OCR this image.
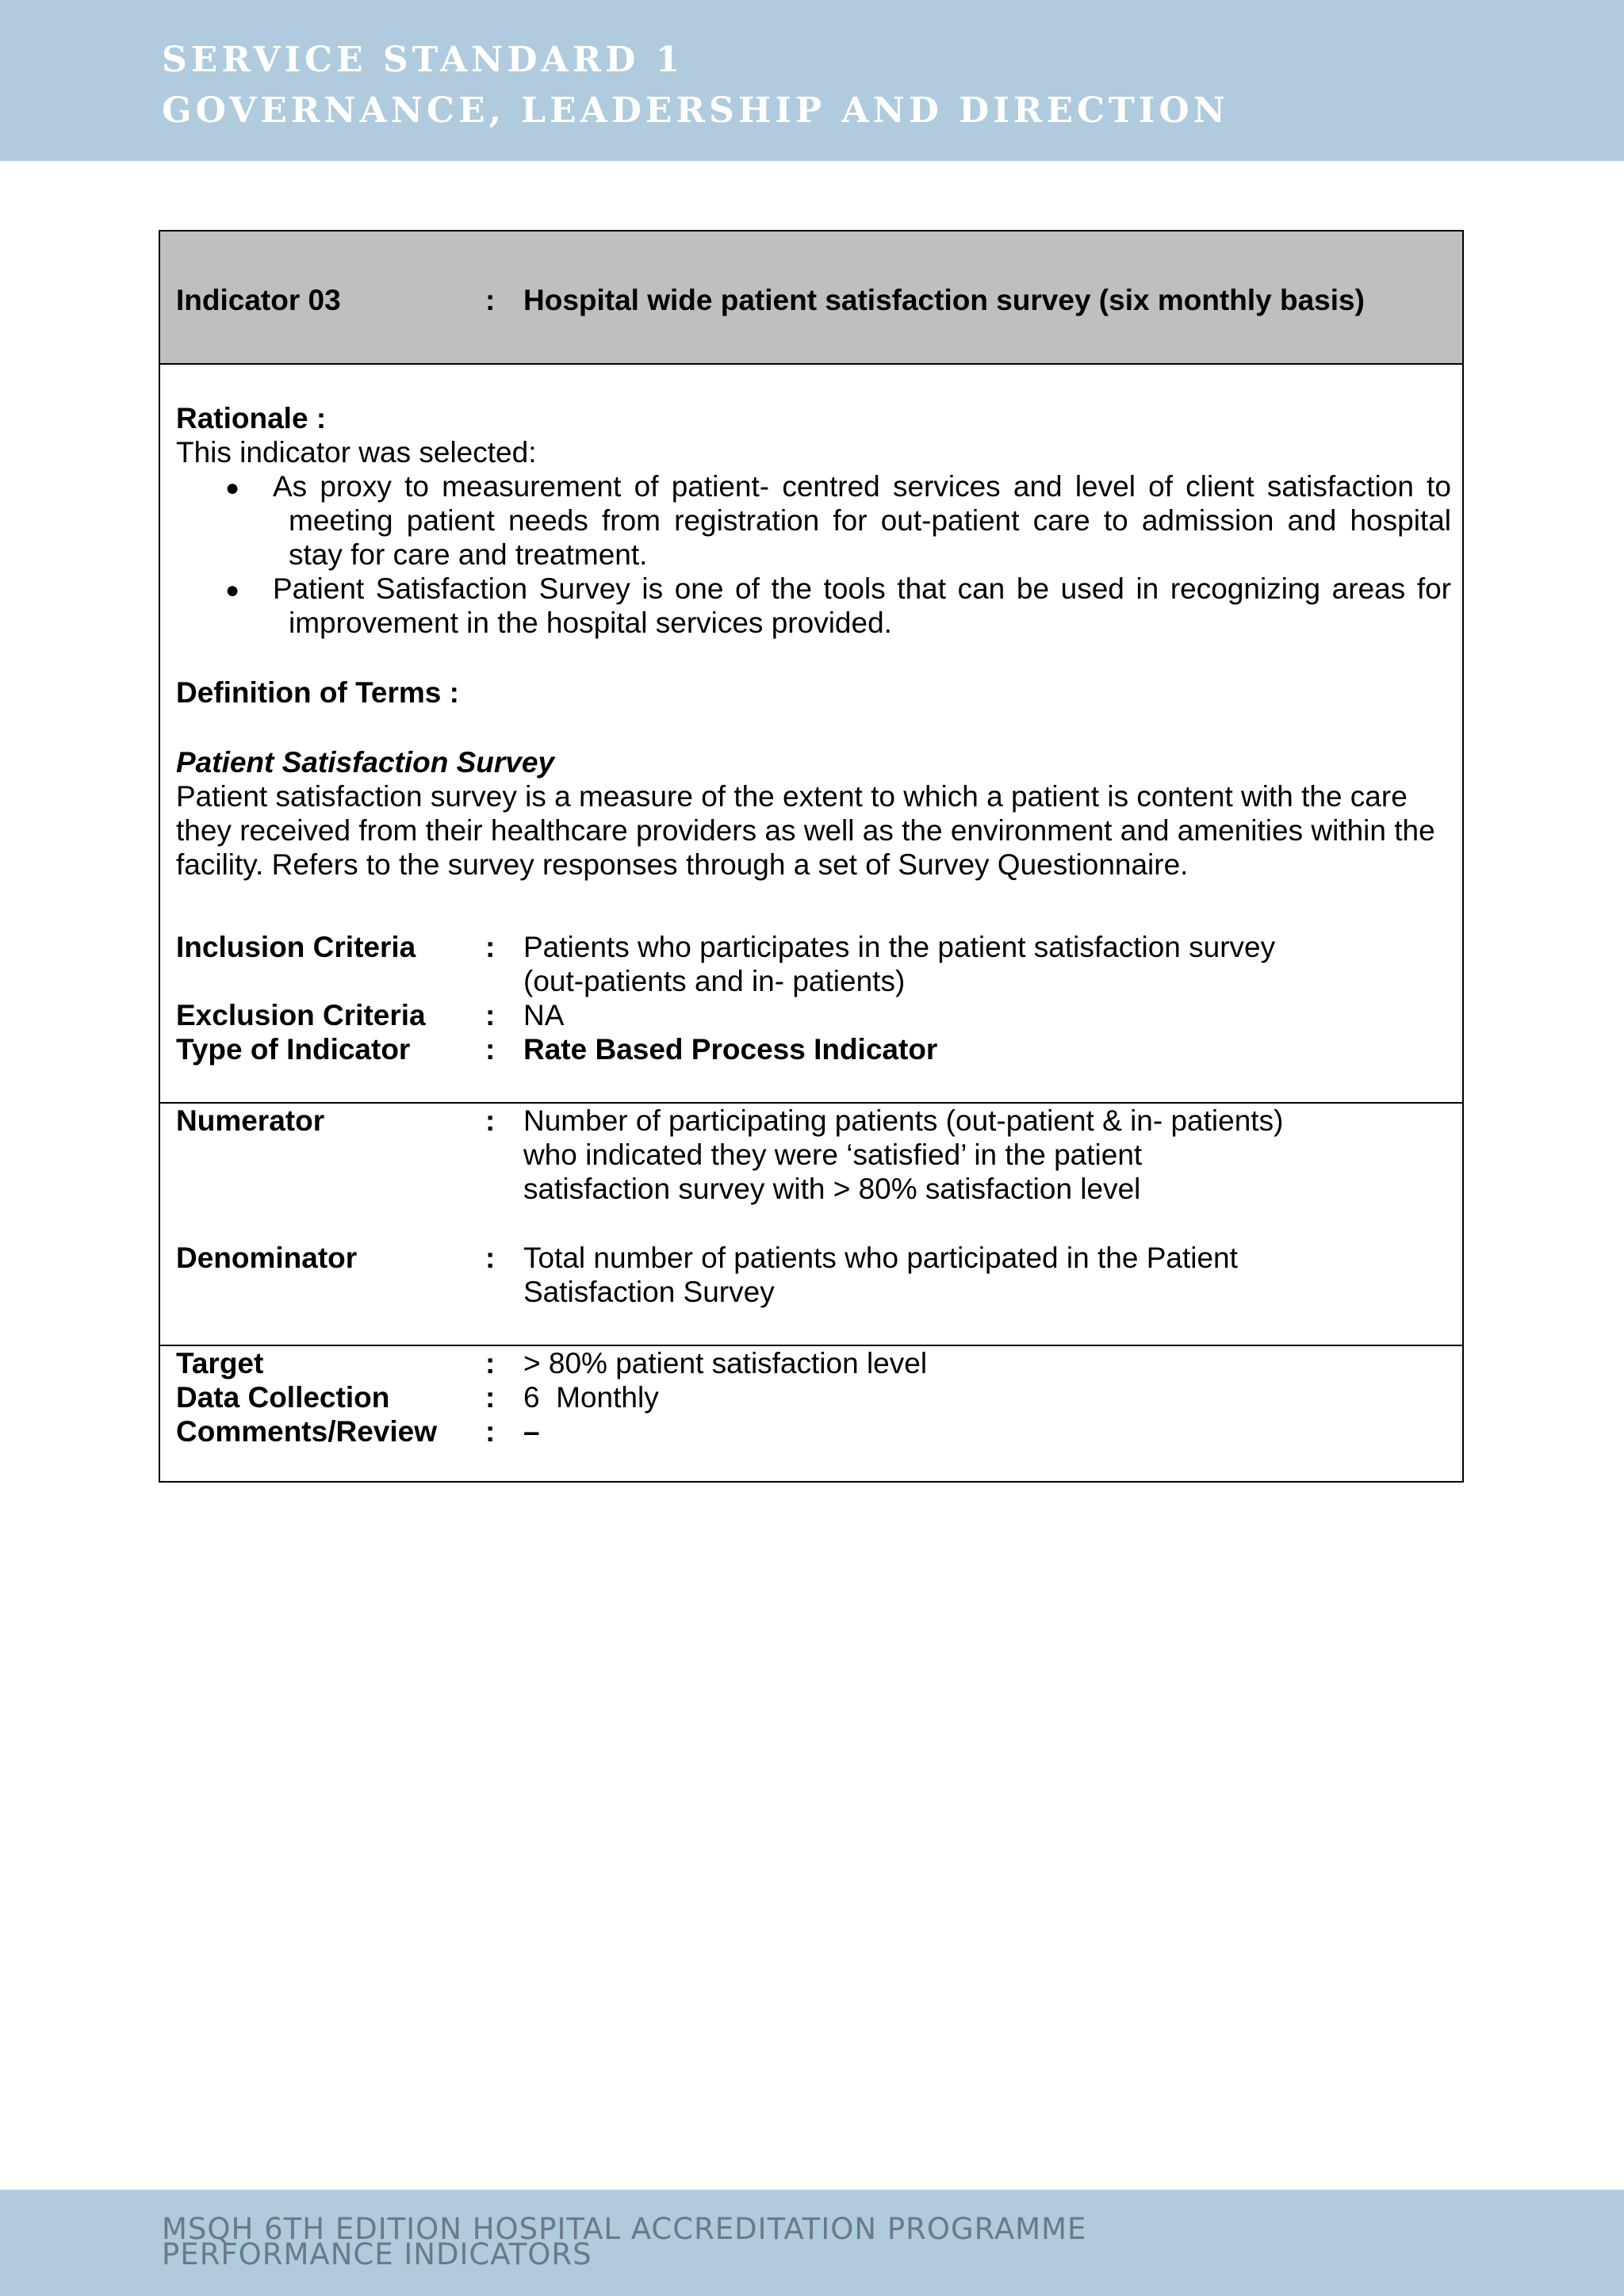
SERVICE STANDARD 1
GOVERNANCE, LEADERSHIP AND DIRECTION
Indicator 03	: Hospital wide patient satisfaction survey (six monthly basis)
Rationale :
This indicator was selected:
● As proxy to measurement of patient- centred services and level of client satisfaction to meeting patient needs from registration for out-patient care to admission and hospital stay for care and treatment.
● Patient Satisfaction Survey is one of the tools that can be used in recognizing areas for improvement in the hospital services provided.
Definition of Terms :
Patient Satisfaction Survey
Patient satisfaction survey is a measure of the extent to which a patient is content with the care they received from their healthcare providers as well as the environment and amenities within the facility. Refers to the survey responses through a set of Survey Questionnaire.
Inclusion Criteria : Patients who participates in the patient satisfaction survey
(out-patients and in- patients)
Exclusion Criteria : NA
Type of Indicator	: Rate Based Process Indicator
Numerator	: Number of participating patients (out-patient & in- patients)
who indicated they were ‘satisfied’ in the patient
satisfaction survey with > 80% satisfaction level
Denominator	: Total number of patients who participated in the Patient
Satisfaction Survey
Target	: > 80% patient satisfaction level
Data Collection	: 6  Monthly
Comments/Review : –
MSQH 6TH EDITION HOSPITAL ACCREDITATION PROGRAMME
PERFORMANCE INDICATORS
